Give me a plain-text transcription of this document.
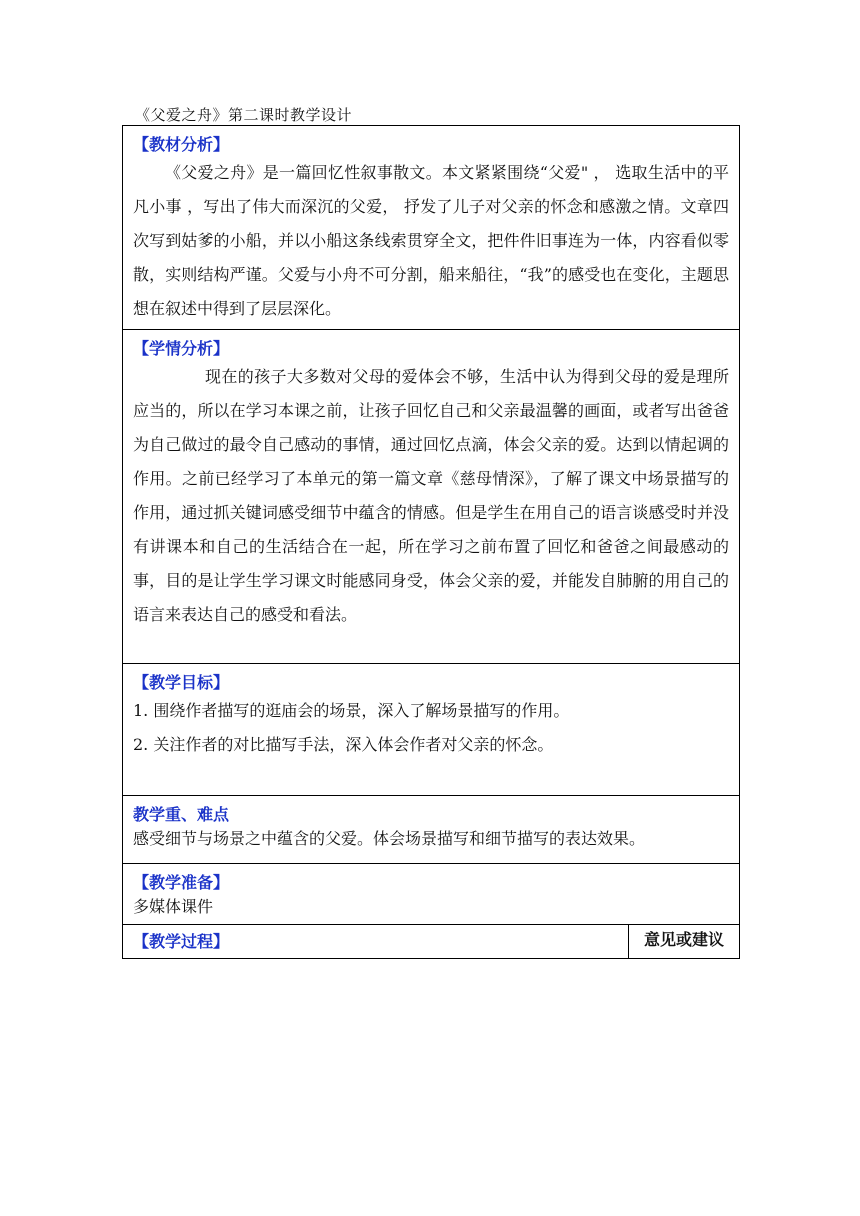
《父爱之舟》第二课时教学设计
【教材分析】

《父爱之舟》是一篇回忆性叙事散文。本文紧紧围绕“父爱" ， 选取生活中的平凡小事 ，写出了伟大而深沉的父爱， 抒发了儿子对父亲的怀念和感激之情。文章四次写到姑爹的小船，并以小船这条线索贯穿全文，把件件旧事连为一体，内容看似零散，实则结构严谨。父爱与小舟不可分割，船来船往，“我”的感受也在变化，主题思想在叙述中得到了层层深化。

【学情分析】

现在的孩子大多数对父母的爱体会不够，生活中认为得到父母的爱是理所应当的，所以在学习本课之前，让孩子回忆自己和父亲最温馨的画面，或者写出爸爸为自己做过的最令自己感动的事情，通过回忆点滴，体会父亲的爱。达到以情起调的作用。之前已经学习了本单元的第一篇文章《慈母情深》，了解了课文中场景描写的作用，通过抓关键词感受细节中蕴含的情感。但是学生在用自己的语言谈感受时并没有讲课本和自己的生活结合在一起，所在学习之前布置了回忆和爸爸之间最感动的事，目的是让学生学习课文时能感同身受，体会父亲的爱，并能发自肺腑的用自己的语言来表达自己的感受和看法。

【教学目标】

1. 围绕作者描写的逛庙会的场景，深入了解场景描写的作用。

2. 关注作者的对比描写手法，深入体会作者对父亲的怀念。

教学重、难点

感受细节与场景之中蕴含的父爱。体会场景描写和细节描写的表达效果。

【教学准备】

多媒体课件

【教学过程】	意见或建议
